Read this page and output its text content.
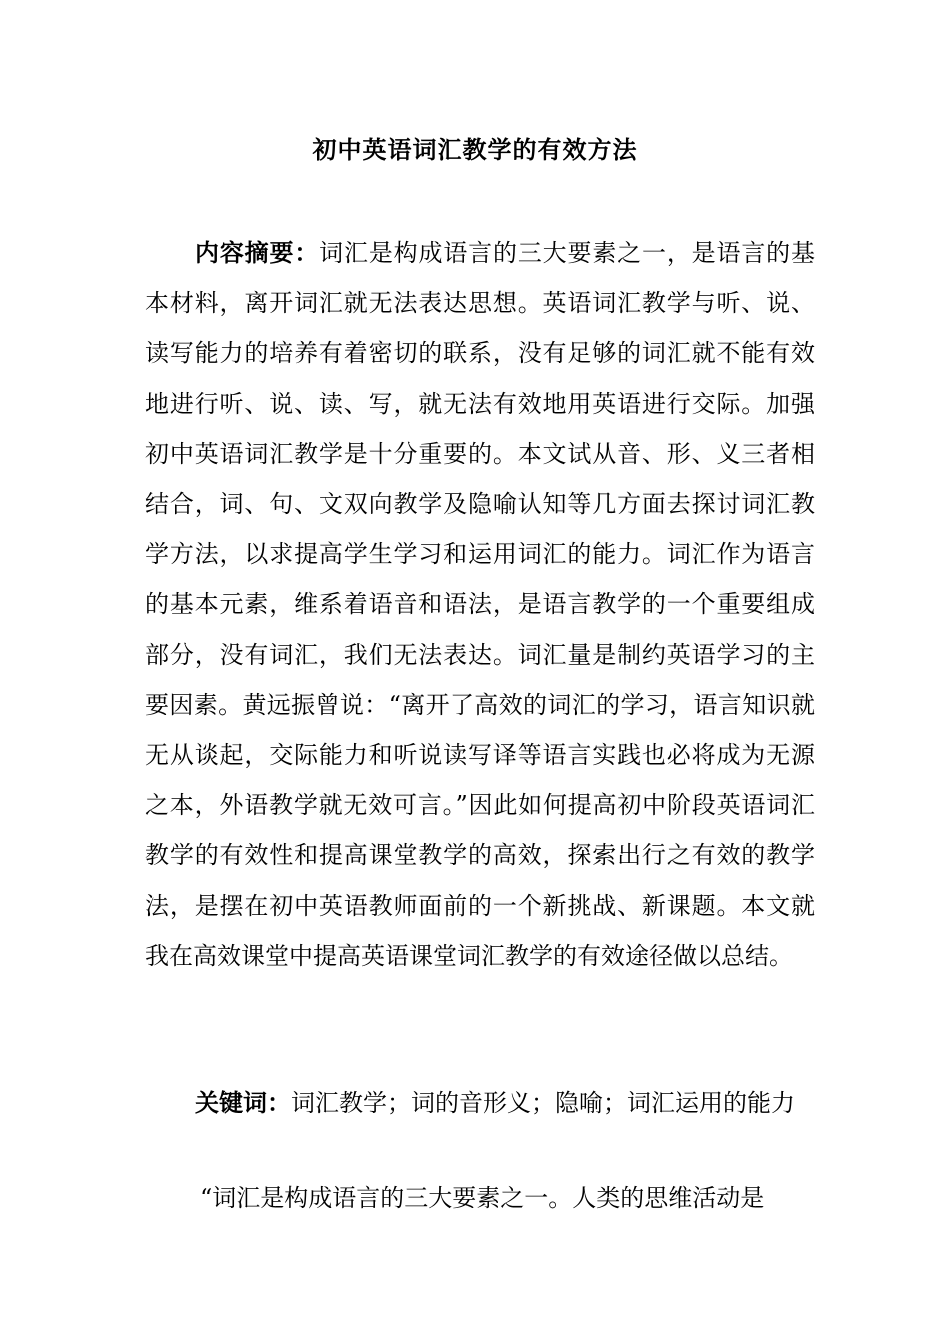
初中英语词汇教学的有效方法

内容摘要：词汇是构成语言的三大要素之一，是语言的基本材料，离开词汇就无法表达思想。英语词汇教学与听、说、读写能力的培养有着密切的联系，没有足够的词汇就不能有效地进行听、说、读、写，就无法有效地用英语进行交际。加强初中英语词汇教学是十分重要的。本文试从音、形、义三者相结合，词、句、文双向教学及隐喻认知等几方面去探讨词汇教学方法，以求提高学生学习和运用词汇的能力。词汇作为语言的基本元素，维系着语音和语法，是语言教学的一个重要组成部分，没有词汇，我们无法表达。词汇量是制约英语学习的主要因素。黄远振曾说：“离开了高效的词汇的学习，语言知识就无从谈起，交际能力和听说读写译等语言实践也必将成为无源之本，外语教学就无效可言。”因此如何提高初中阶段英语词汇教学的有效性和提高课堂教学的高效，探索出行之有效的教学法，是摆在初中英语教师面前的一个新挑战、新课题。本文就我在高效课堂中提高英语课堂词汇教学的有效途径做以总结。

关键词：词汇教学；词的音形义；隐喻；词汇运用的能力

“词汇是构成语言的三大要素之一。人类的思维活动是
